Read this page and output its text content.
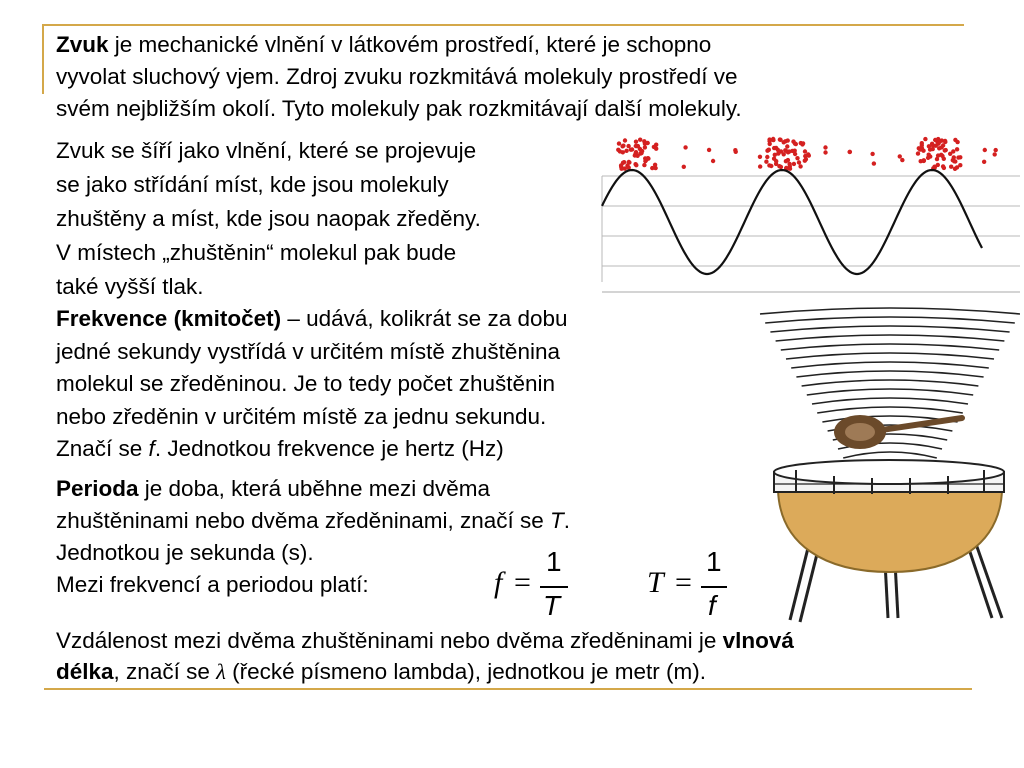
Zvuk je mechanické vlnění v látkovém prostředí, které je schopno
vyvolat sluchový vjem. Zdroj zvuku rozkmitává molekuly prostředí ve
svém nejbližším okolí. Tyto molekuly pak rozkmitávají další molekuly.
Zvuk se šíří jako vlnění, které se projevuje
se jako střídání míst, kde jsou molekuly
zhuštěny a míst, kde jsou naopak zředěny.
V místech „zhuštěnin“ molekul pak bude
také vyšší tlak.
Frekvence (kmitočet) – udává, kolikrát se za dobu
jedné sekundy vystřídá v určitém místě zhuštěnina
molekul se zředěninou. Je to tedy počet zhuštěnin
nebo zředěnin v určitém místě za jednu sekundu.
Značí se f. Jednotkou frekvence je hertz (Hz)
Perioda je doba, která uběhne mezi dvěma
zhuštěninami nebo dvěma zředěninami, značí se T.
Jednotkou je sekunda (s).
Mezi frekvencí a periodou platí:	f =
1
T
T =
1
f
Vzdálenost mezi dvěma zhuštěninami nebo dvěma zředěninami je vlnová
délka, značí se λ (řecké písmeno lambda), jednotkou je metr (m).
